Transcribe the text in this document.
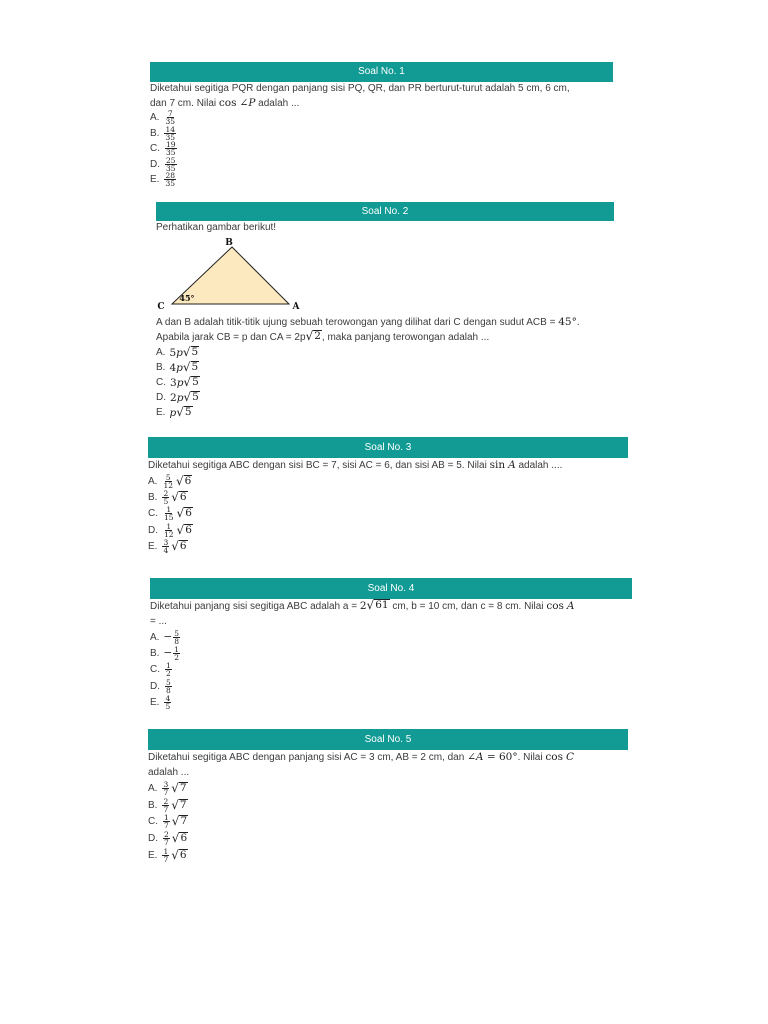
Soal No. 1
Diketahui segitiga PQR dengan panjang sisi PQ, QR, dan PR berturut-turut adalah 5 cm, 6 cm,
dan 7 cm. Nilai cos ∠P adalah ...
A. $\frac{7}{35}$
B. $\frac{14}{35}$
C. $\frac{19}{35}$
D. $\frac{25}{35}$
E. $\frac{28}{35}$
Soal No. 2
Perhatikan gambar berikut!
B
C	A
45°
A dan B adalah titik-titik ujung sebuah terowongan yang dilihat dari C dengan sudut ACB = 45°.
Apabila jarak CB = p dan CA = 2p √ 2 , maka panjang terowongan adalah ...
A. 5 p √ 5
B. 4 p √ 5
C. 3 p √ 5
D. 2 p √ 5
E. p √ 5
Soal No. 3
Diketahui segitiga ABC dengan sisi BC = 7, sisi AC = 6, dan sisi AB = 5. Nilai sin A adalah ....
A. $\frac{5}{12}$ √ 6
B. $\frac{2}{5}$ √ 6
C. $\frac{1}{15}$ √ 6
D. $\frac{1}{12}$ √ 6
E. $\frac{3}{4}$ √ 6
Soal No. 4
Diketahui panjang sisi segitiga ABC adalah a = 2 √ 61 cm, b = 10 cm, dan c = 8 cm. Nilai cos A
= ...
A. − $\frac{5}{8}$
B. − $\frac{1}{2}$
C. $\frac{1}{2}$
D. $\frac{5}{8}$
E. $\frac{4}{5}$
Soal No. 5
Diketahui segitiga ABC dengan panjang sisi AC = 3 cm, AB = 2 cm, dan ∠A = 60°. Nilai cos C
adalah ...
A. $\frac{3}{7}$ √ 7
B. $\frac{2}{7}$ √ 7
C. $\frac{1}{7}$ √ 7
D. $\frac{2}{7}$ √ 6
E. $\frac{1}{7}$ √ 6
